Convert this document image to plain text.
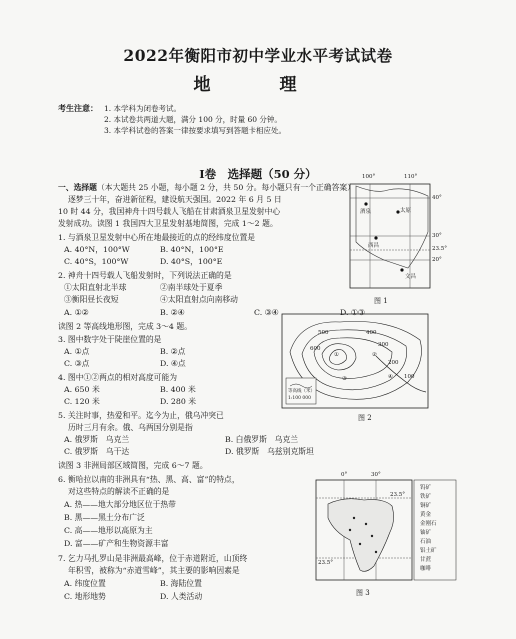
2022年衡阳市初中学业水平考试试卷
地　理
考生注意： 1. 本学科为闭卷考试。
2. 本试卷共两道大题，满分 100 分，时量 60 分钟。
3. 本学科试卷的答案一律按要求填写到答题卡相应处。
Ⅰ卷　选择题（50 分）
一、选择题（本大题共 25 小题，每小题 2 分，共 50 分。每小题只有一个正确答案）
逐梦三十年，奋进新征程，建设航天强国。2022 年 6 月 5 日
10 时 44 分，我国神舟十四号载人飞船在甘肃酒泉卫星发射中心
发射成功。读图 1 我国四大卫星发射基地简图，完成 1～2 题。
1. 与酒泉卫星发射中心所在地最接近的点的经纬度位置是
A. 40°N，100°W	B. 40°N，100°E
C. 40°S，100°W	D. 40°S，100°E
2. 神舟十四号载人飞船发射时，下列说法正确的是
①太阳直射北半球	②南半球处于夏季
③衡阳昼长夜短	④太阳直射点向南移动
A. ①②	B. ②④	C. ③④	D. ①③
读图 2 等高线地形图，完成 3～4 题。
3. 图中数字处于陡崖位置的是
A. ①点	B. ②点
C. ③点	D. ④点
4. 图中①②两点的相对高度可能为
A. 650 米	B. 400 米
C. 120 米	D. 280 米
5. 关注时事，热爱和平。迄今为止，俄乌冲突已
历时三月有余。俄、乌两国分别是指
A. 俄罗斯　乌克兰	B. 白俄罗斯　乌克兰
C. 俄罗斯　乌干达	D. 俄罗斯　乌兹别克斯坦
读图 3 非洲局部区域简图，完成 6～7 题。
6. 衡哈拉以南的非洲具有“热、黑、高、富”的特点，
对这些特点的解读不正确的是
A. 热——地大部分地区位于热带
B. 黑——黑土分布广泛
C. 高——地形以高原为主
D. 富——矿产和生物资源丰富
7. 乞力马扎罗山是非洲最高峰，位于赤道附近，山顶终
年积雪，被称为“赤道雪峰”，其主要的影响因素是
A. 纬度位置	B. 海陆位置
C. 地形地势	D. 人类活动
100°	110°
40°
30°
23.5°
20°
酒泉	太原
西昌
文昌
图 1
500	400
600
300
200
100
①	②
③	④
等高线（米）
1:100 000
图 2
0°	30°
23.5°
23.5°
钨矿
铁矿
铜矿
黄金
金刚石
铀矿
石油
铝土矿
甘蔗
咖啡
图 3
